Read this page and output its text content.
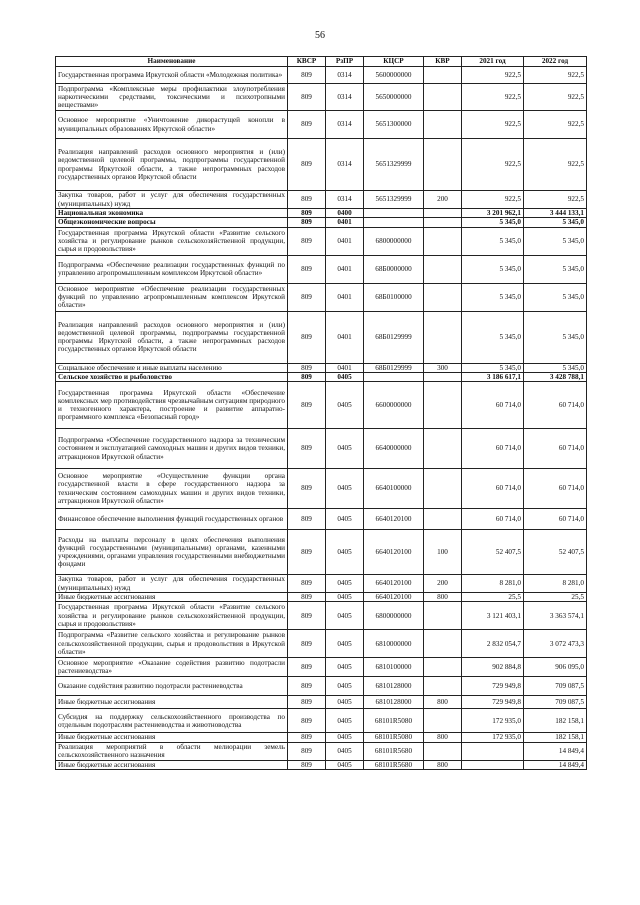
56
Наименование	КВСР	РзПР	КЦСР	КВР	2021 год	2022 год
Государственная программа Иркутской области «Молодежная политика»	809	0314	5600000000		922,5	922,5
Подпрограмма «Комплексные меры профилактики злоупотребления наркотическими средствами, токсическими и психотропными веществами»	809	0314	5650000000		922,5	922,5
Основное мероприятие «Уничтожение дикорастущей конопли в муниципальных образованиях Иркутской области»	809	0314	5651300000		922,5	922,5
Реализация направлений расходов основного мероприятия и (или) ведомственной целевой программы, подпрограммы государственной программы Иркутской области, а также непрограммных расходов государственных органов Иркутской области	809	0314	5651329999		922,5	922,5
Закупка товаров, работ и услуг для обеспечения государственных (муниципальных) нужд	809	0314	5651329999	200	922,5	922,5
Национальная экономика	809	0400			3 201 962,1	3 444 133,1
Общеэкономические вопросы	809	0401			5 345,0	5 345,0
Государственная программа Иркутской области «Развитие сельского хозяйства и регулирование рынков сельскохозяйственной продукции, сырья и продовольствия»	809	0401	6800000000		5 345,0	5 345,0
Подпрограмма «Обеспечение реализации государственных функций по управлению агропромышленным комплексом Иркутской области»	809	0401	68Б0000000		5 345,0	5 345,0
Основное мероприятие «Обеспечение реализации государственных функций по управлению агропромышленным комплексом Иркутской области»	809	0401	68Б0100000		5 345,0	5 345,0
Реализация направлений расходов основного мероприятия и (или) ведомственной целевой программы, подпрограммы государственной программы Иркутской области, а также непрограммных расходов государственных органов Иркутской области	809	0401	68Б0129999		5 345,0	5 345,0
Социальное обеспечение и иные выплаты населению	809	0401	68Б0129999	300	5 345,0	5 345,0
Сельское хозяйство и рыболовство	809	0405			3 186 617,1	3 428 788,1
Государственная программа Иркутской области «Обеспечение комплексных мер противодействия чрезвычайным ситуациям природного и техногенного характера, построение и развитие аппаратно-программного комплекса «Безопасный город»	809	0405	6600000000		60 714,0	60 714,0
Подпрограмма «Обеспечение государственного надзора за техническим состоянием и эксплуатацией самоходных машин и других видов техники, аттракционов Иркутской области»	809	0405	6640000000		60 714,0	60 714,0
Основное мероприятие «Осуществление функции органа государственной власти в сфере государственного надзора за техническим состоянием самоходных машин и других видов техники, аттракционов Иркутской области»	809	0405	6640100000		60 714,0	60 714,0
Финансовое обеспечение выполнения функций государственных органов	809	0405	6640120100		60 714,0	60 714,0
Расходы на выплаты персоналу в целях обеспечения выполнения функций государственными (муниципальными) органами, казенными учреждениями, органами управления государственными внебюджетными фондами	809	0405	6640120100	100	52 407,5	52 407,5
Закупка товаров, работ и услуг для обеспечения государственных (муниципальных) нужд	809	0405	6640120100	200	8 281,0	8 281,0
Иные бюджетные ассигнования	809	0405	6640120100	800	25,5	25,5
Государственная программа Иркутской области «Развитие сельского хозяйства и регулирование рынков сельскохозяйственной продукции, сырья и продовольствия»	809	0405	6800000000		3 121 403,1	3 363 574,1
Подпрограмма «Развитие сельского хозяйства и регулирование рынков сельскохозяйственной продукции, сырья и продовольствия в Иркутской области»	809	0405	6810000000		2 832 054,7	3 072 473,3
Основное мероприятие «Оказание содействия развитию подотрасли растениеводства»	809	0405	6810100000		902 884,8	906 095,0
Оказание содействия развитию подотрасли растениеводства	809	0405	6810128000		729 949,8	709 087,5
Иные бюджетные ассигнования	809	0405	6810128000	800	729 949,8	709 087,5
Субсидия на поддержку сельскохозяйственного производства по отдельным подотраслям растениеводства и животноводства	809	0405	68101R5080		172 935,0	182 158,1
Иные бюджетные ассигнования	809	0405	68101R5080	800	172 935,0	182 158,1
Реализация мероприятий в области мелиорации земель сельскохозяйственного назначения	809	0405	68101R5680			14 849,4
Иные бюджетные ассигнования	809	0405	68101R5680	800		14 849,4
